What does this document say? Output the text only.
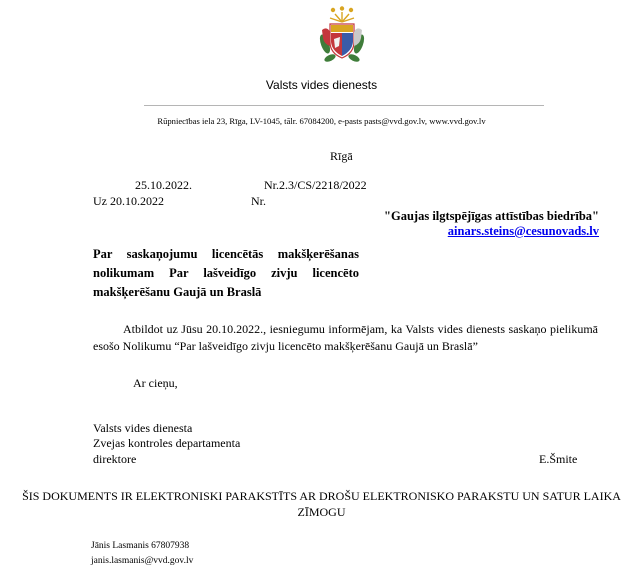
Valsts vides dienests
Rūpniecības iela 23, Rīga, LV-1045, tālr. 67084200, e-pasts pasts@vvd.gov.lv, www.vvd.gov.lv
Rīgā
25.10.2022.	Nr.2.3/CS/2218/2022
Uz 20.10.2022	Nr.
"Gaujas ilgtspējīgas attīstības biedrība"
ainars.steins@cesunovads.lv
Par saskaņojumu licencētās makšķerēšanas nolikumam Par lašveidīgo zivju licencēto makšķerēšanu Gaujā un Braslā
Atbildot uz Jūsu 20.10.2022., iesniegumu informējam, ka Valsts vides dienests saskaņo pielikumā esošo Nolikumu “Par lašveidīgo zivju licencēto makšķerēšanu Gaujā un Braslā”
Ar cieņu,
Valsts vides dienesta
Zvejas kontroles departamenta
direktore	E.Šmite
ŠIS DOKUMENTS IR ELEKTRONISKI PARAKSTĪTS AR DROŠU ELEKTRONISKO PARAKSTU UN SATUR LAIKA ZĪMOGU
Jānis Lasmanis 67807938
janis.lasmanis@vvd.gov.lv
